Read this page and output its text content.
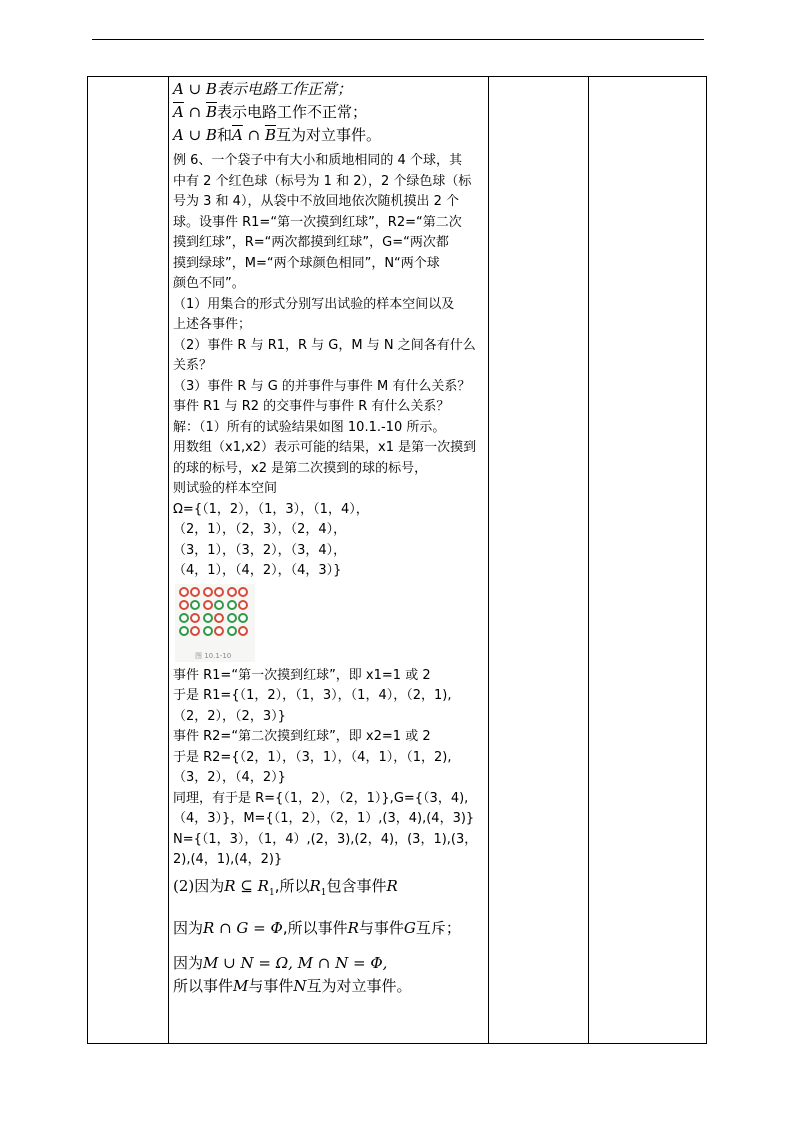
A ∪ B表示电路工作正常；

$\overline{A}$ ∩ $\overline{B}$表示电路工作不正常；

A ∪ B和$\overline{A}$ ∩ $\overline{B}$互为对立事件。

例 6、一个袋子中有大小和质地相同的 4 个球，其

中有 2 个红色球（标号为 1 和 2），2 个绿色球（标

号为 3 和 4），从袋中不放回地依次随机摸出 2 个

球。设事件 R1=“第一次摸到红球”，R2=“第二次

摸到红球”，R=“两次都摸到红球”，G=“两次都

摸到绿球”，M=“两个球颜色相同”，N“两个球

颜色不同”。

（1）用集合的形式分别写出试验的样本空间以及

上述各事件；

（2）事件 R 与 R1，R 与 G，M 与 N 之间各有什么

关系？

（3）事件 R 与 G 的并事件与事件 M 有什么关系？

事件 R1 与 R2 的交事件与事件 R 有什么关系？

解：（1）所有的试验结果如图 10.1.-10 所示。

用数组（x1,x2）表示可能的结果，x1 是第一次摸到

的球的标号，x2 是第二次摸到的球的标号，

则试验的样本空间

Ω={（1，2），（1，3），（1，4），

（2，1），（2，3），（2，4），

（3，1），（3，2），（3，4），

（4，1），（4，2），（4，3）}

图 10.1-10

事件 R1=“第一次摸到红球”，即 x1=1 或 2

于是 R1={（1，2），（1，3），（1，4），（2，1),

（2，2），（2，3）}

事件 R2=“第二次摸到红球”，即 x2=1 或 2

于是 R2={（2，1），（3，1），（4，1），（1，2),

（3，2），（4，2）}

同理，有于是 R={（1，2），（2，1）},G={（3，4),

（4，3）}，M={（1，2），（2，1）,(3，4),(4，3)}

N={（1，3），（1，4）,(2，3),(2，4)，(3，1),(3，

2),(4，1),(4，2)}

(2)因为R ⊆ $R_1$,所以$R_1$包含事件R

因为R ∩ G = Φ,所以事件R与事件G互斥；

因为M ∪ N = Ω, M ∩ N = Φ,

所以事件M与事件N互为对立事件。
